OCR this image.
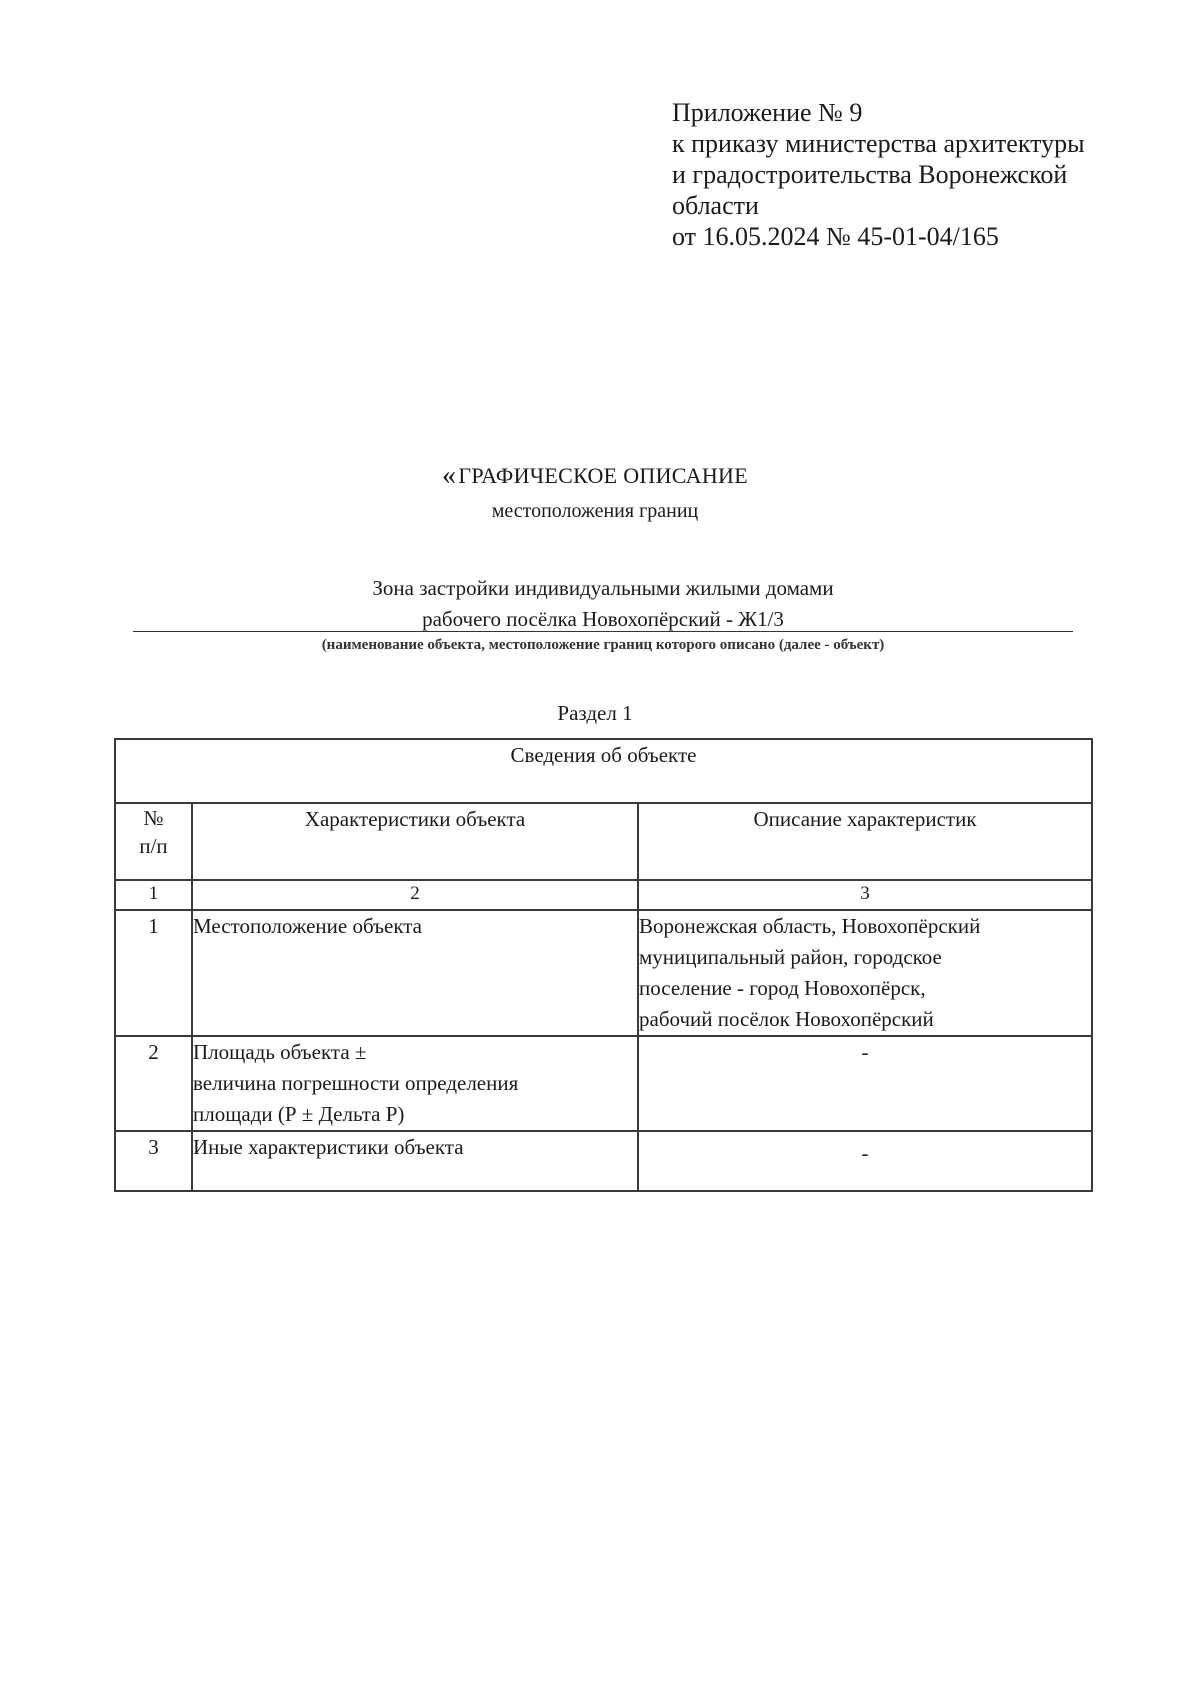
Приложение № 9
к приказу министерства архитектуры
и градостроительства Воронежской
области
от 16.05.2024 № 45-01-04/165
«ГРАФИЧЕСКОЕ ОПИСАНИЕ
местоположения границ
Зона застройки индивидуальными жилыми домами
рабочего посёлка Новохопёрский - Ж1/3
(наименование объекта, местоположение границ которого описано (далее - объект)
Раздел 1
Сведения об объекте		

№
п/п	Характеристики объекта	Описание характеристик
1	2	3
1	Местоположение объекта	Воронежская область, Новохопёрский
муниципальный район, городское
поселение - город Новохопёрск,
рабочий посёлок Новохопёрский

2	Площадь объекта ±
величина погрешности определения
площади (Р ± Дельта Р)	-
3	Иные характеристики объекта	-
